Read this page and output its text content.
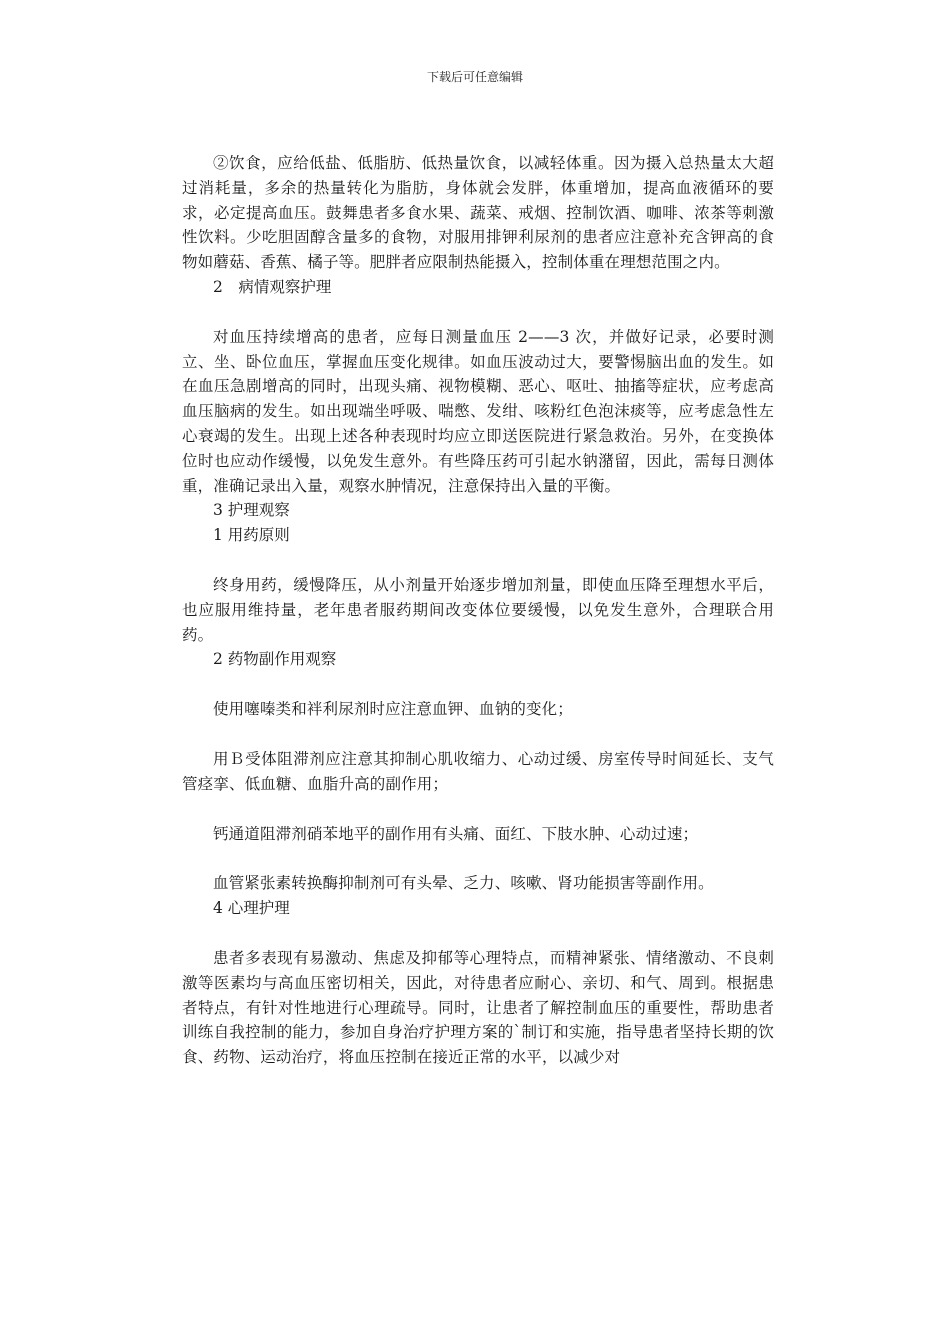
下载后可任意编辑

②饮食，应给低盐、低脂肪、低热量饮食，以减轻体重。因为摄入总热量太大超过消耗量，多余的热量转化为脂肪，身体就会发胖，体重增加，提高血液循环的要求，必定提高血压。鼓舞患者多食水果、蔬菜、戒烟、控制饮酒、咖啡、浓茶等刺激性饮料。少吃胆固醇含量多的食物，对服用排钾利尿剂的患者应注意补充含钾高的食物如蘑菇、香蕉、橘子等。肥胖者应限制热能摄入，控制体重在理想范围之内。

2　病情观察护理

对血压持续增高的患者，应每日测量血压 2——3 次，并做好记录，必要时测立、坐、卧位血压，掌握血压变化规律。如血压波动过大，要警惕脑出血的发生。如在血压急剧增高的同时，出现头痛、视物模糊、恶心、呕吐、抽搐等症状，应考虑高血压脑病的发生。如出现端坐呼吸、喘憋、发绀、咳粉红色泡沫痰等，应考虑急性左心衰竭的发生。出现上述各种表现时均应立即送医院进行紧急救治。另外，在变换体位时也应动作缓慢，以免发生意外。有些降压药可引起水钠潴留，因此，需每日测体重，准确记录出入量，观察水肿情况，注意保持出入量的平衡。

3 护理观察

1 用药原则

终身用药，缓慢降压，从小剂量开始逐步增加剂量，即使血压降至理想水平后，也应服用维持量，老年患者服药期间改变体位要缓慢，以免发生意外，合理联合用药。

2 药物副作用观察

使用噻嗪类和袢利尿剂时应注意血钾、血钠的变化；

用Ｂ受体阻滞剂应注意其抑制心肌收缩力、心动过缓、房室传导时间延长、支气管痉挛、低血糖、血脂升高的副作用；

钙通道阻滞剂硝苯地平的副作用有头痛、面红、下肢水肿、心动过速；

血管紧张素转换酶抑制剂可有头晕、乏力、咳嗽、肾功能损害等副作用。

4 心理护理

患者多表现有易激动、焦虑及抑郁等心理特点，而精神紧张、情绪激动、不良刺激等医素均与高血压密切相关，因此，对待患者应耐心、亲切、和气、周到。根据患者特点，有针对性地进行心理疏导。同时，让患者了解控制血压的重要性，帮助患者训练自我控制的能力，参加自身治疗护理方案的`制订和实施，指导患者坚持长期的饮食、药物、运动治疗，将血压控制在接近正常的水平，以减少对
